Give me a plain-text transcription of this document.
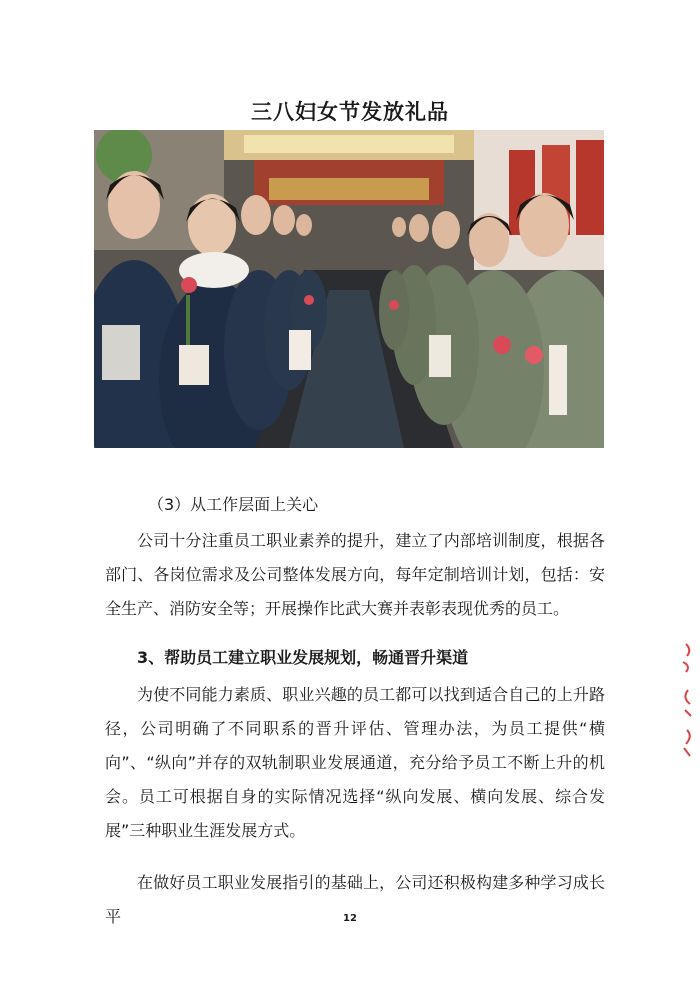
三八妇女节发放礼品
（3）从工作层面上关心
公司十分注重员工职业素养的提升，建立了内部培训制度，根据各部门、各岗位需求及公司整体发展方向，每年定制培训计划，包括：安全生产、消防安全等；开展操作比武大赛并表彰表现优秀的员工。
3、帮助员工建立职业发展规划，畅通晋升渠道
为使不同能力素质、职业兴趣的员工都可以找到适合自己的上升路径，公司明确了不同职系的晋升评估、管理办法，为员工提供“横向”、“纵向”并存的双轨制职业发展通道，充分给予员工不断上升的机会。员工可根据自身的实际情况选择“纵向发展、横向发展、综合发展”三种职业生涯发展方式。
在做好员工职业发展指引的基础上，公司还积极构建多种学习成长平	12
